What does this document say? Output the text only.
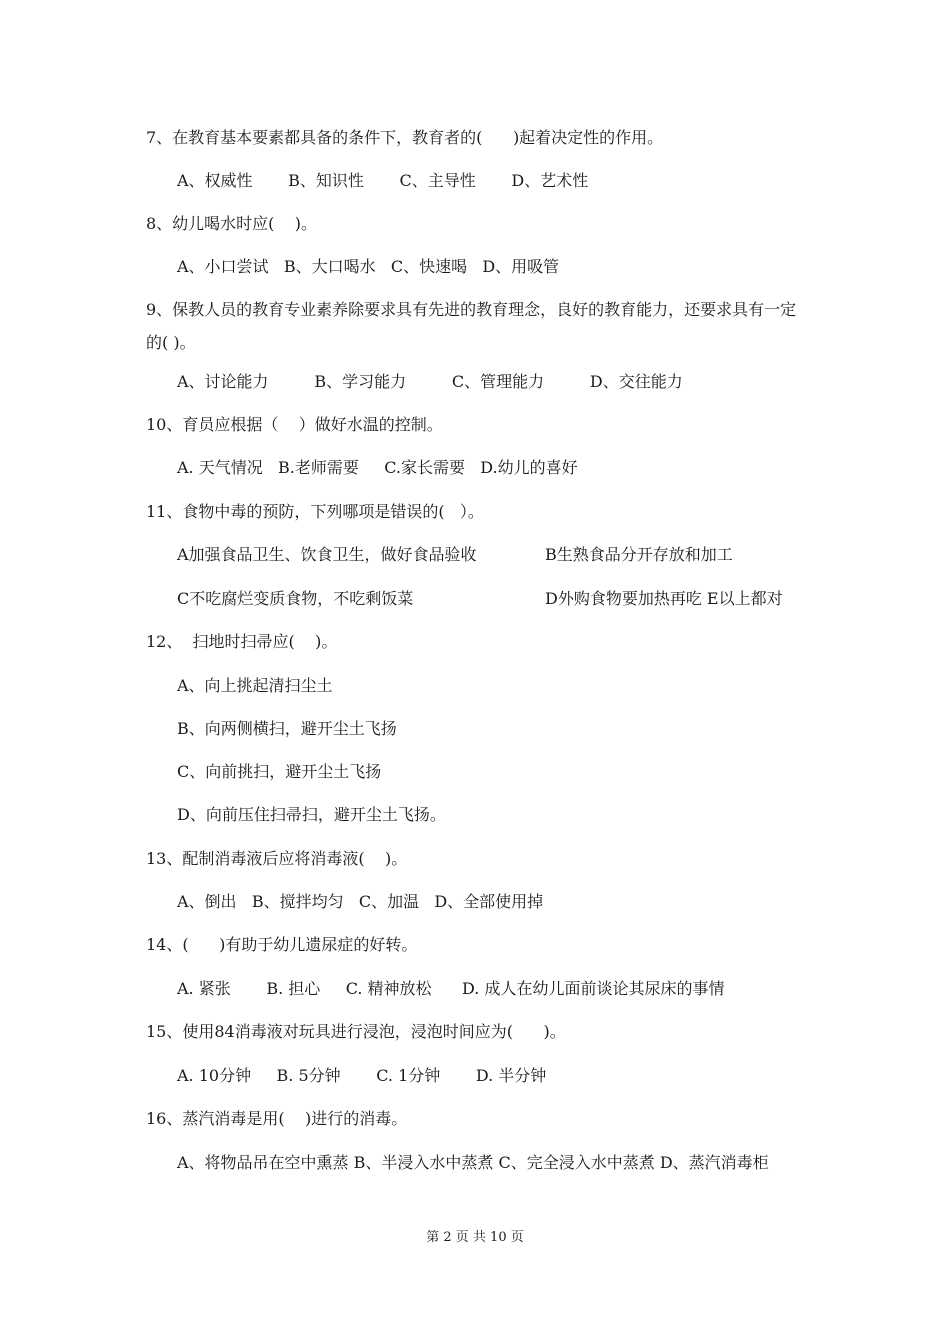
7、在教育基本要素都具备的条件下，教育者的(      )起着决定性的作用。
A、权威性       B、知识性       C、主导性       D、艺术性
8、幼儿喝水时应(    )。
A、小口尝试   B、大口喝水   C、快速喝   D、用吸管
9、保教人员的教育专业素养除要求具有先进的教育理念，良好的教育能力，还要求具有一定的( )。
A、讨论能力         B、学习能力         C、管理能力         D、交往能力
10、育员应根据（    ）做好水温的控制。
A. 天气情况   B.老师需要     C.家长需要   D.幼儿的喜好
11、食物中毒的预防，下列哪项是错误的(   ）。
A加强食品卫生、饮食卫生，做好食品验收	B生熟食品分开存放和加工
C不吃腐烂变质食物，不吃剩饭菜	D外购食物要加热再吃 E以上都对
12、  扫地时扫帚应(    )。
A、向上挑起清扫尘土
B、向两侧横扫，避开尘土飞扬
C、向前挑扫，避开尘土飞扬
D、向前压住扫帚扫，避开尘土飞扬。
13、配制消毒液后应将消毒液(    )。
A、倒出   B、搅拌均匀   C、加温   D、全部使用掉
14、(      )有助于幼儿遗尿症的好转。
A. 紧张       B. 担心     C. 精神放松      D. 成人在幼儿面前谈论其尿床的事情
15、使用84消毒液对玩具进行浸泡，浸泡时间应为(      )。
A. 10分钟     B. 5分钟       C. 1分钟       D. 半分钟
16、蒸汽消毒是用(    )进行的消毒。
A、将物品吊在空中熏蒸 B、半浸入水中蒸煮 C、完全浸入水中蒸煮 D、蒸汽消毒柜
第 2 页 共 10 页
